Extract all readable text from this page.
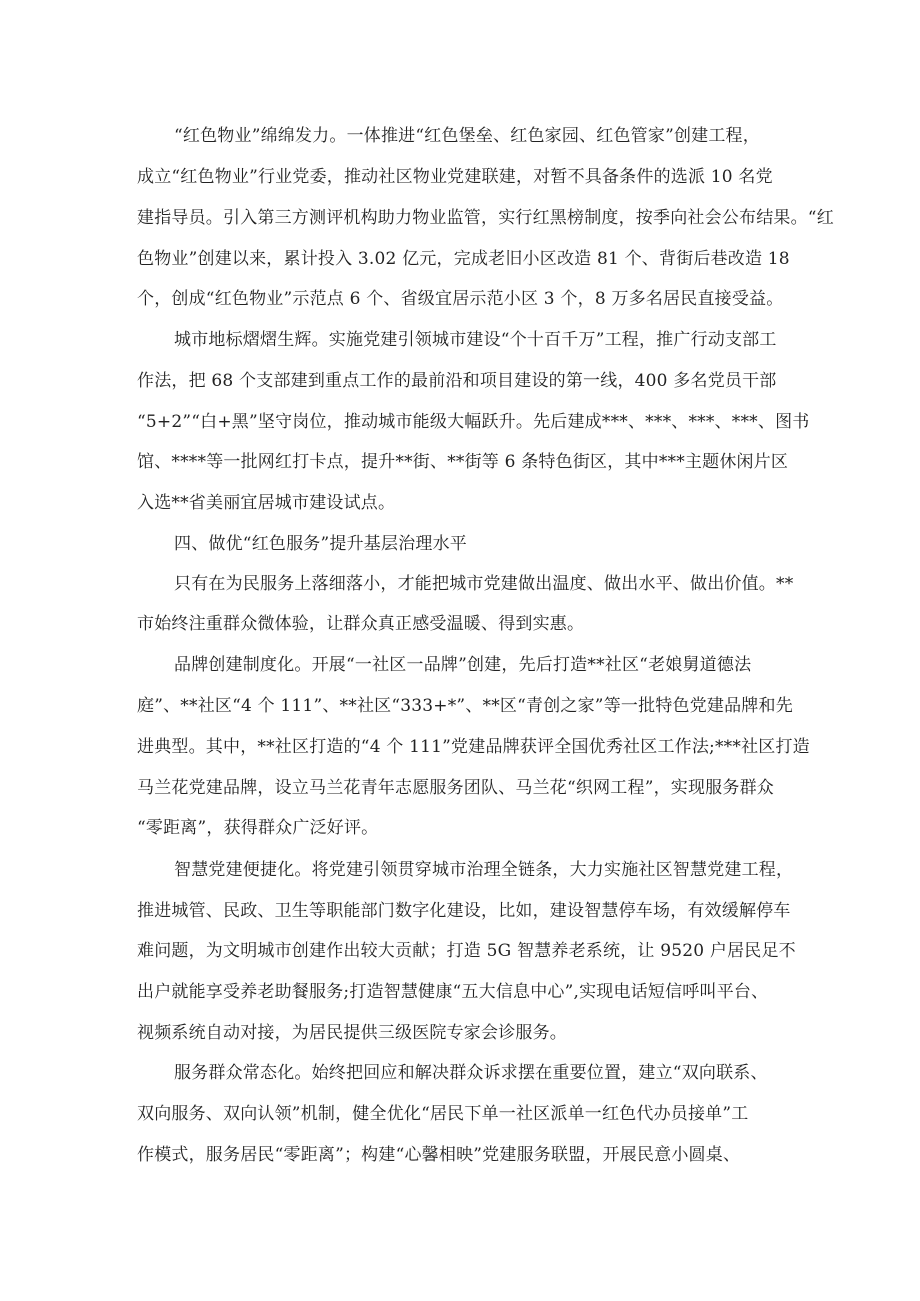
“红色物业”绵绵发力。一体推进“红色堡垒、红色家园、红色管家”创建工程，
成立“红色物业”行业党委，推动社区物业党建联建，对暂不具备条件的选派 10 名党
建指导员。引入第三方测评机构助力物业监管，实行红黑榜制度，按季向社会公布结果。“红
色物业”创建以来，累计投入 3.02 亿元，完成老旧小区改造 81 个、背街后巷改造 18
个，创成“红色物业”示范点 6 个、省级宜居示范小区 3 个，8 万多名居民直接受益。
城市地标熠熠生辉。实施党建引领城市建设“个十百千万”工程，推广行动支部工
作法，把 68 个支部建到重点工作的最前沿和项目建设的第一线，400 多名党员干部
“5+2”“白+黑”坚守岗位，推动城市能级大幅跃升。先后建成***、***、***、***、图书
馆、****等一批网红打卡点，提升**街、**街等 6 条特色街区，其中***主题休闲片区
入选**省美丽宜居城市建设试点。
四、做优“红色服务”提升基层治理水平
只有在为民服务上落细落小，才能把城市党建做出温度、做出水平、做出价值。**
市始终注重群众微体验，让群众真正感受温暖、得到实惠。
品牌创建制度化。开展“一社区一品牌”创建，先后打造**社区“老娘舅道德法
庭”、**社区“4 个 111”、**社区“333+*”、**区“青创之家”等一批特色党建品牌和先
进典型。其中，**社区打造的“4 个 111”党建品牌获评全国优秀社区工作法;***社区打造
马兰花党建品牌，设立马兰花青年志愿服务团队、马兰花“织网工程”，实现服务群众
“零距离”，获得群众广泛好评。
智慧党建便捷化。将党建引领贯穿城市治理全链条，大力实施社区智慧党建工程，
推进城管、民政、卫生等职能部门数字化建设，比如，建设智慧停车场，有效缓解停车
难问题，为文明城市创建作出较大贡献；打造 5G 智慧养老系统，让 9520 户居民足不
出户就能享受养老助餐服务;打造智慧健康“五大信息中心”,实现电话短信呼叫平台、
视频系统自动对接，为居民提供三级医院专家会诊服务。
服务群众常态化。始终把回应和解决群众诉求摆在重要位置，建立“双向联系、
双向服务、双向认领”机制，健全优化“居民下单一社区派单一红色代办员接单”工
作模式，服务居民“零距离”；构建“心馨相映”党建服务联盟，开展民意小圆桌、
